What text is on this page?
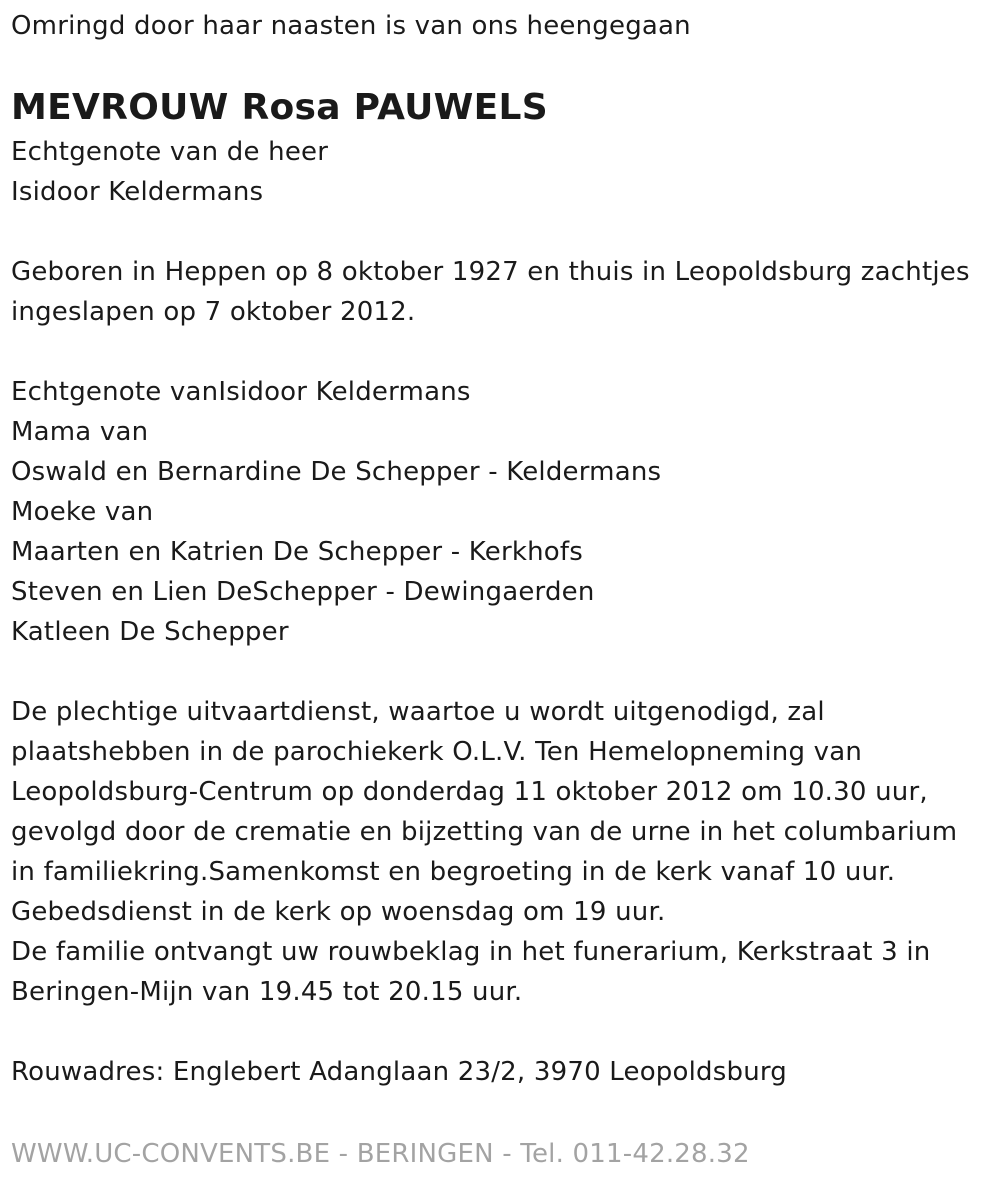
Omringd door haar naasten is van ons heengegaan
MEVROUW Rosa PAUWELS
Echtgenote van de heer
Isidoor Keldermans
Geboren in Heppen op 8 oktober 1927 en thuis in Leopoldsburg zachtjes
ingeslapen op 7 oktober 2012.
Echtgenote vanIsidoor Keldermans
Mama van
Oswald en Bernardine De Schepper - Keldermans
Moeke van
Maarten en Katrien De Schepper - Kerkhofs
Steven en Lien DeSchepper - Dewingaerden
Katleen De Schepper
De plechtige uitvaartdienst, waartoe u wordt uitgenodigd, zal
plaatshebben in de parochiekerk O.L.V. Ten Hemelopneming van
Leopoldsburg-Centrum op donderdag 11 oktober 2012 om 10.30 uur,
gevolgd door de crematie en bijzetting van de urne in het columbarium
in familiekring.Samenkomst en begroeting in de kerk vanaf 10 uur.
Gebedsdienst in de kerk op woensdag om 19 uur.
De familie ontvangt uw rouwbeklag in het funerarium, Kerkstraat 3 in
Beringen-Mijn van 19.45 tot 20.15 uur.
Rouwadres: Englebert Adanglaan 23/2, 3970 Leopoldsburg
WWW.UC-CONVENTS.BE - BERINGEN - Tel. 011-42.28.32
